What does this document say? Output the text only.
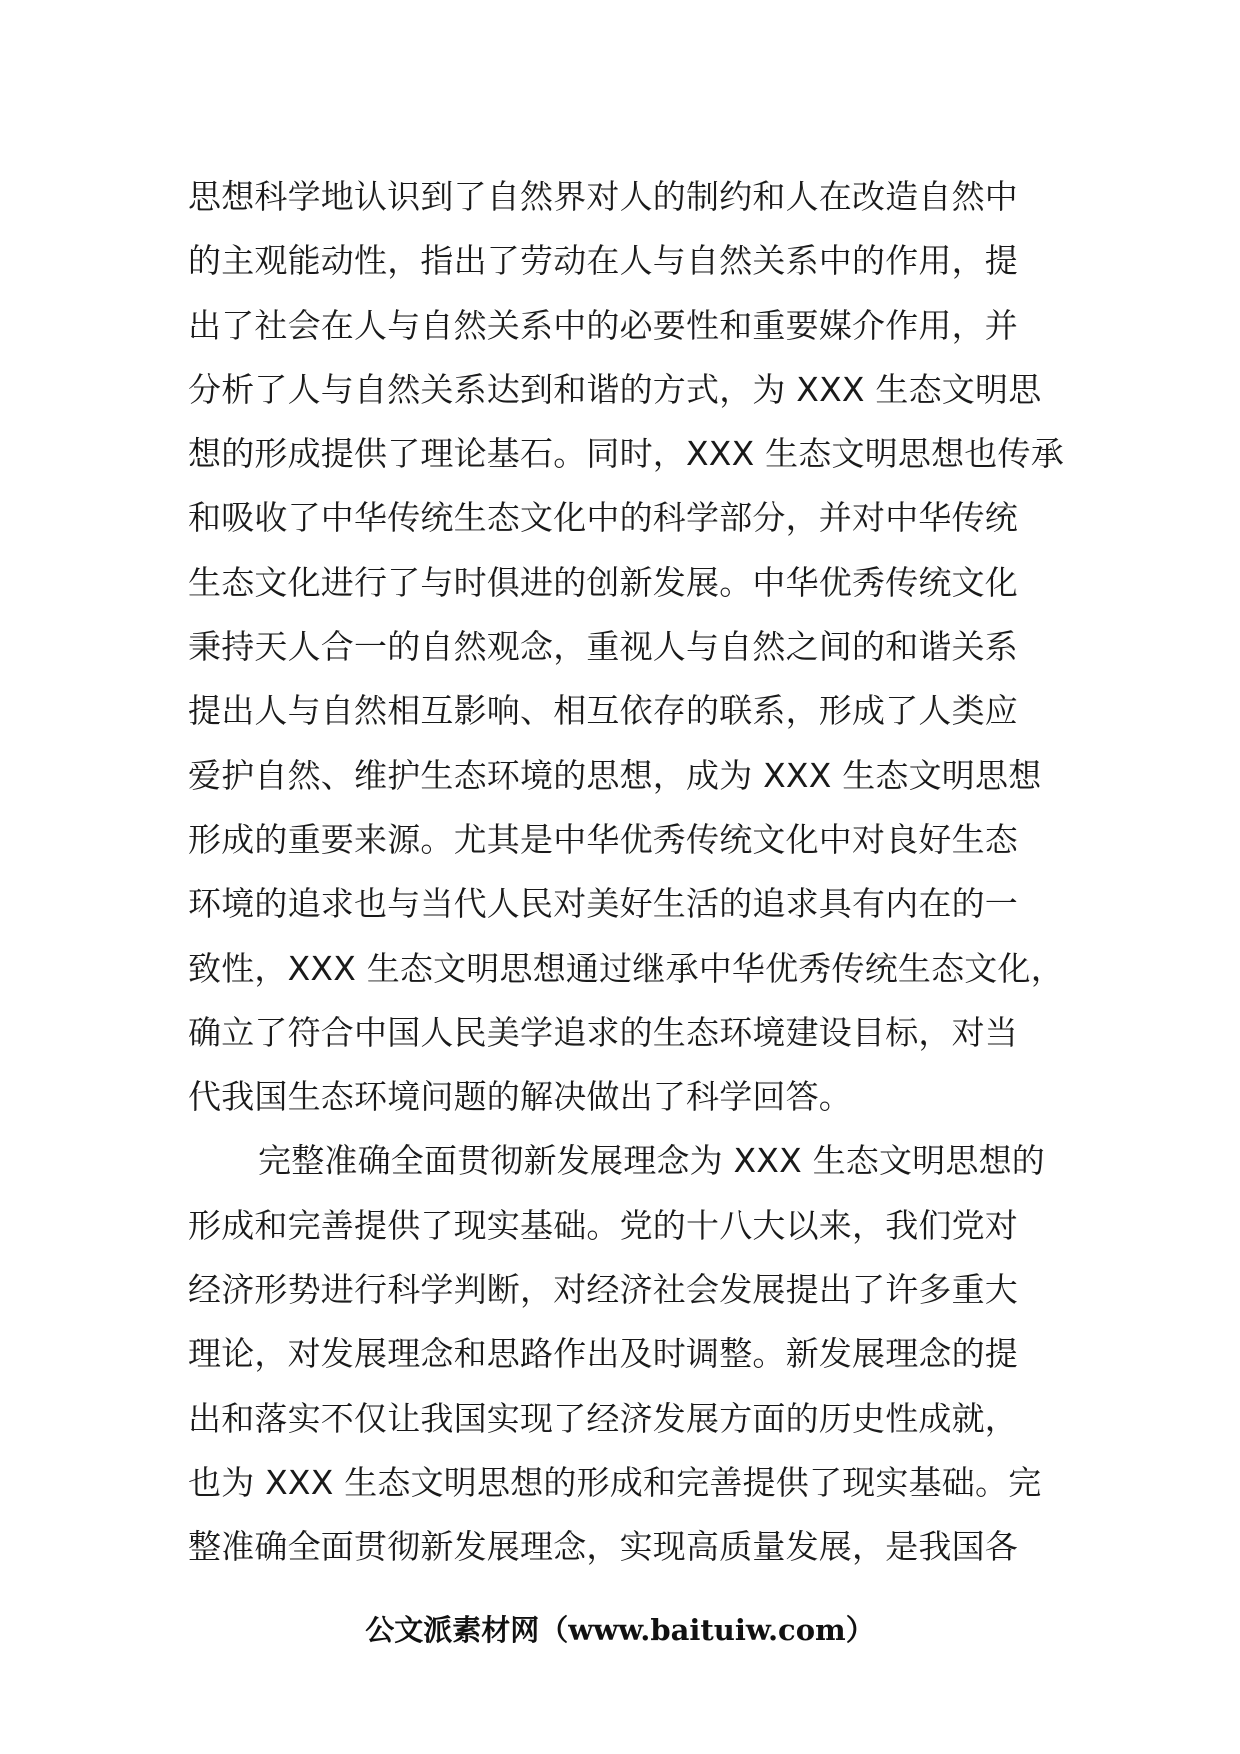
思想科学地认识到了自然界对人的制约和人在改造自然中
的主观能动性，指出了劳动在人与自然关系中的作用，提
出了社会在人与自然关系中的必要性和重要媒介作用，并
分析了人与自然关系达到和谐的方式，为 XXX 生态文明思
想的形成提供了理论基石。同时，XXX 生态文明思想也传承
和吸收了中华传统生态文化中的科学部分，并对中华传统
生态文化进行了与时俱进的创新发展。中华优秀传统文化
秉持天人合一的自然观念，重视人与自然之间的和谐关系
提出人与自然相互影响、相互依存的联系，形成了人类应
爱护自然、维护生态环境的思想，成为 XXX 生态文明思想
形成的重要来源。尤其是中华优秀传统文化中对良好生态
环境的追求也与当代人民对美好生活的追求具有内在的一
致性，XXX 生态文明思想通过继承中华优秀传统生态文化，
确立了符合中国人民美学追求的生态环境建设目标，对当
代我国生态环境问题的解决做出了科学回答。
完整准确全面贯彻新发展理念为 XXX 生态文明思想的
形成和完善提供了现实基础。党的十八大以来，我们党对
经济形势进行科学判断，对经济社会发展提出了许多重大
理论，对发展理念和思路作出及时调整。新发展理念的提
出和落实不仅让我国实现了经济发展方面的历史性成就，
也为 XXX 生态文明思想的形成和完善提供了现实基础。完
整准确全面贯彻新发展理念，实现高质量发展，是我国各
公文派素材网（www.baituiw.com）
